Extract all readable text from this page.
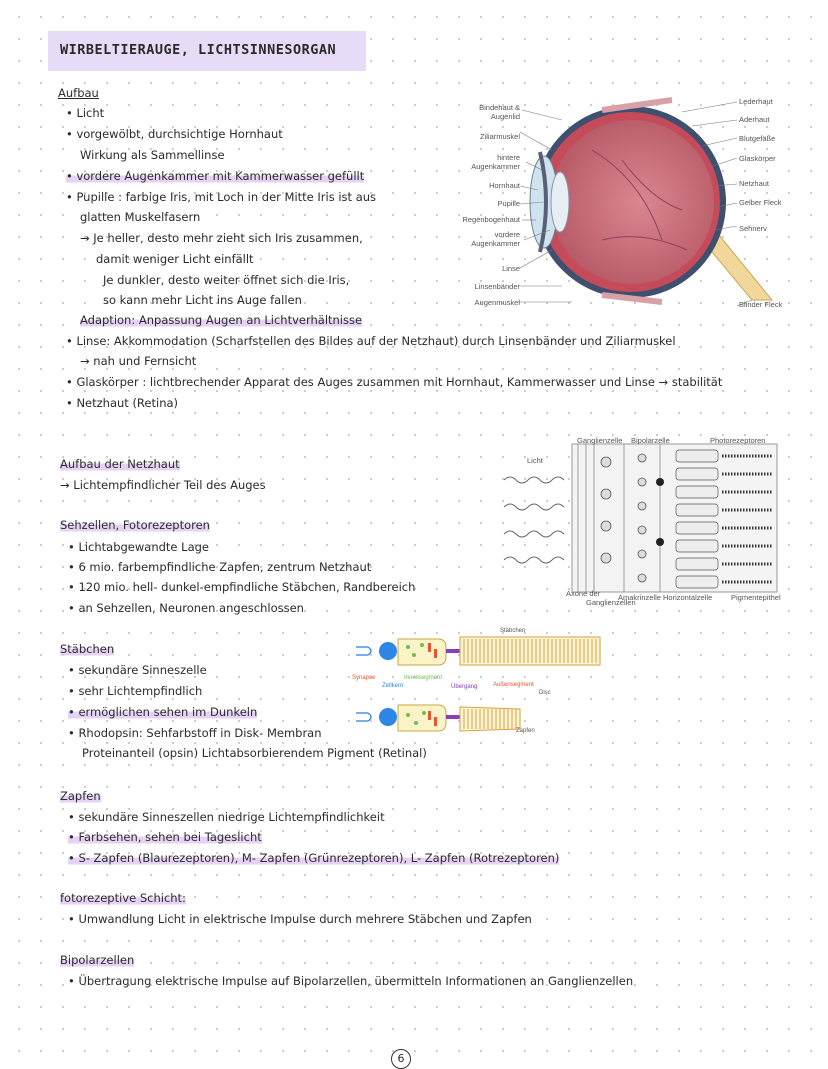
WIRBELTIERAUGE, LICHTSINNESORGAN
Aufbau
• Licht
• vorgewölbt, durchsichtige Hornhaut
Wirkung als Sammellinse
• vordere Augenkammer mit Kammerwasser gefüllt
• Pupille : farbige Iris, mit Loch in der Mitte Iris ist aus
glatten Muskelfasern
→ Je heller, desto mehr zieht sich Iris zusammen,
damit weniger Licht einfällt
Je dunkler, desto weiter öffnet sich die Iris,
so kann mehr Licht ins Auge fallen
Adaption: Anpassung Augen an Lichtverhältnisse
• Linse: Akkommodation (Scharfstellen des Bildes auf der Netzhaut) durch Linsenbänder und Ziliarmuskel
→ nah und Fernsicht
• Glaskörper : lichtbrechender Apparat des Auges zusammen mit Hornhaut, Kammerwasser und Linse → stabilität
• Netzhaut (Retina)
Bindehaut &
Augenlid
Ziliarmuskel
hintere
Augenkammer
Hornhaut
Pupille
Regenbogenhaut
vordere
Augenkammer
Linse
Linsenbänder
Augenmuskel
Lederhaut
Aderhaut
Blutgefäße
Glaskörper
Netzhaut
Gelber Fleck
Sehnerv
Blinder Fleck
Aufbau der Netzhaut
→ Lichtempfindlicher Teil des Auges
Licht
Ganglienzelle Bipolarzelle	Photorezeptoren
Axone der
Ganglienzellen
Amakrinzelle Horizontalzelle	Pigmentepithel
Sehzellen, Fotorezeptoren
• Lichtabgewandte Lage
• 6 mio. farbempfindliche Zapfen, zentrum Netzhaut
• 120 mio. hell- dunkel-empfindliche Stäbchen, Randbereich
• an Sehzellen, Neuronen angeschlossen
Stäbchen
Synapse
Zellkern
Innensegment
Übergang	Außensegment
Disc
Zapfen
Stäbchen
• sekundäre Sinneszelle
• sehr Lichtempfindlich
• ermöglichen sehen im Dunkeln
• Rhodopsin: Sehfarbstoff in Disk- Membran
Proteinanteil (opsin) Lichtabsorbierendem Pigment (Retinal)
Zapfen
• sekundäre Sinneszellen niedrige Lichtempfindlichkeit
• Farbsehen, sehen bei Tageslicht
• S- Zapfen (Blaurezeptoren), M- Zapfen (Grünrezeptoren), L- Zapfen (Rotrezeptoren)
fotorezeptive Schicht:
• Umwandlung Licht in elektrische Impulse durch mehrere Stäbchen und Zapfen
Bipolarzellen
• Übertragung elektrische Impulse auf Bipolarzellen, übermitteln Informationen an Ganglienzellen
6
